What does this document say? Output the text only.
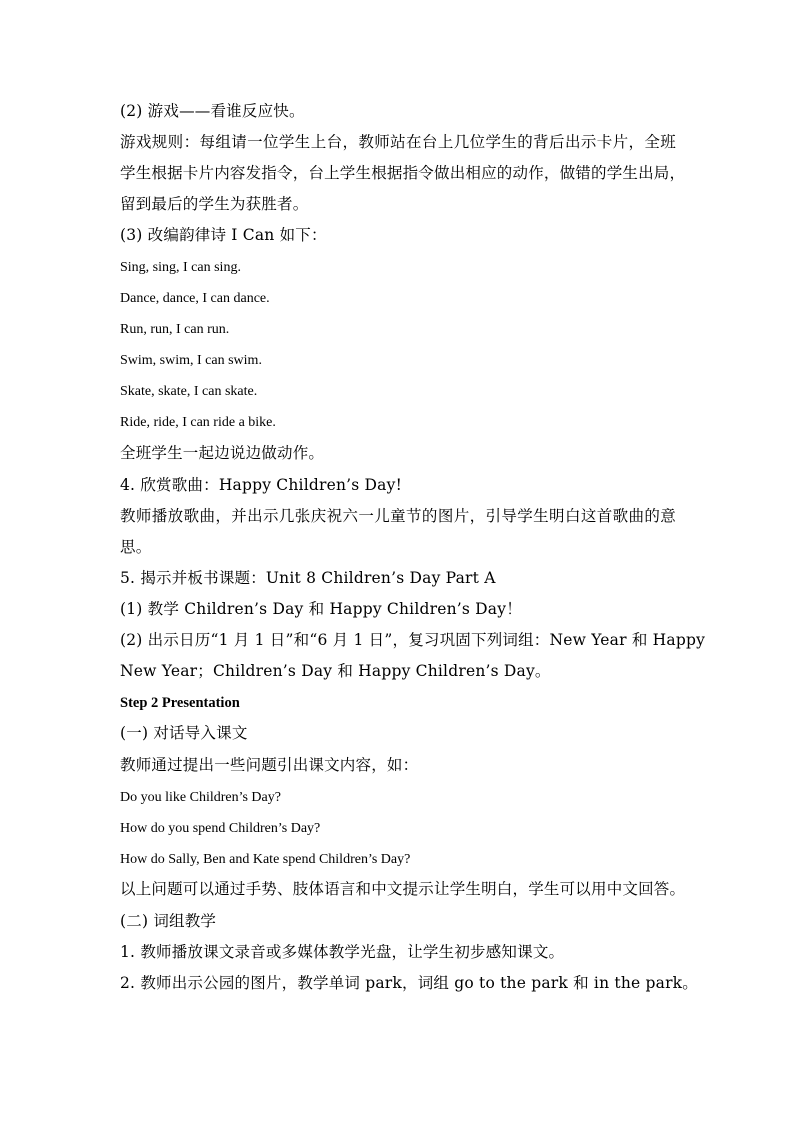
(2) 游戏——看谁反应快。
游戏规则：每组请一位学生上台，教师站在台上几位学生的背后出示卡片，全班
学生根据卡片内容发指令，台上学生根据指令做出相应的动作，做错的学生出局，
留到最后的学生为获胜者。
(3) 改编韵律诗 I Can 如下：
Sing, sing, I can sing.
Dance, dance, I can dance.
Run, run, I can run.
Swim, swim, I can swim.
Skate, skate, I can skate.
Ride, ride, I can ride a bike.
全班学生一起边说边做动作。
4. 欣赏歌曲：Happy Children’s Day!
教师播放歌曲，并出示几张庆祝六一儿童节的图片，引导学生明白这首歌曲的意
思。
5. 揭示并板书课题：Unit 8 Children’s Day Part A
(1) 教学 Children’s Day 和 Happy Children’s Day！
(2) 出示日历“1 月 1 日”和“6 月 1 日”，复习巩固下列词组：New Year 和 Happy
New Year；Children’s Day 和 Happy Children’s Day。
Step 2 Presentation
(一) 对话导入课文
教师通过提出一些问题引出课文内容，如：
Do you like Children’s Day?
How do you spend Children’s Day?
How do Sally, Ben and Kate spend Children’s Day?
以上问题可以通过手势、肢体语言和中文提示让学生明白，学生可以用中文回答。
(二) 词组教学
1. 教师播放课文录音或多媒体教学光盘，让学生初步感知课文。
2. 教师出示公园的图片，教学单词 park，词组 go to the park 和 in the park。
